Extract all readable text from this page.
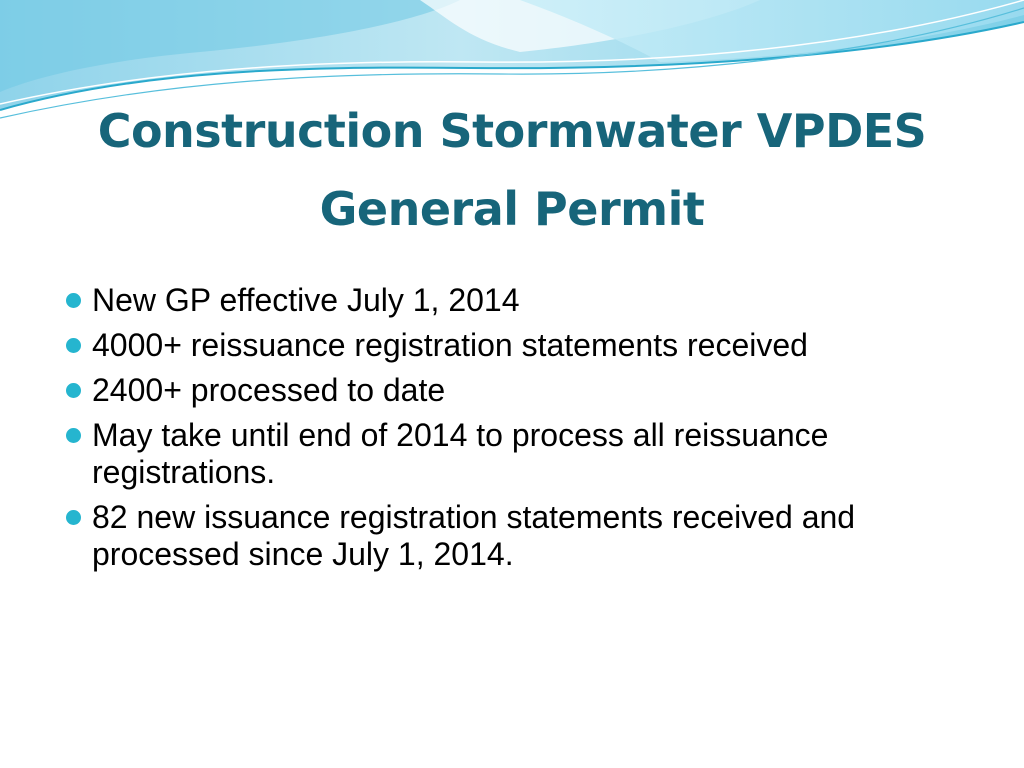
Construction Stormwater VPDES
General Permit
New GP effective July 1, 2014
4000+ reissuance registration statements received
2400+ processed to date
May take until end of 2014 to process all reissuance registrations.
82 new issuance registration statements received and processed since July 1, 2014.
